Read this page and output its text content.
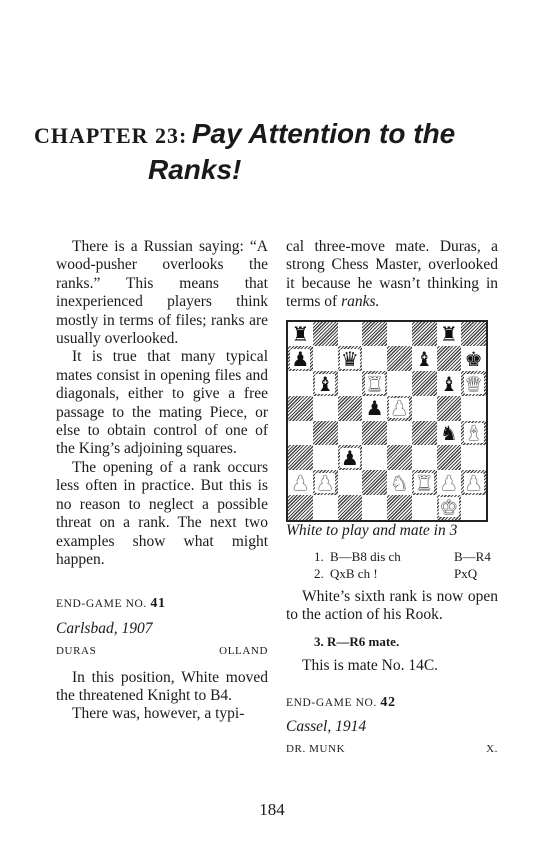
CHAPTER 23: Pay Attention to the
Ranks!

There is a Russian saying: “A wood-pusher overlooks the ranks.” This means that inexperienced players think mostly in terms of files; ranks are usually overlooked.

It is true that many typical mates consist in opening files and diagonals, either to give a free passage to the mating Piece, or else to obtain control of one of the King’s adjoining squares.

The opening of a rank occurs less often in practice. But this is no reason to neglect a possible threat on a rank. The next two examples show what might happen.

END-GAME NO. 41
Carlsbad, 1907
DURAS	OLLAND

In this position, White moved the threatened Knight to B4.

There was, however, a typi-

cal three-move mate. Duras, a strong Chess Master, overlooked it because he wasn’t thinking in terms of ranks.

♜	♜
♟ ♛	♝ ♚
♝ ♜	♝ ♛
♟ ♟
♞ ♝
♟
♟ ♟	♞ ♜ ♟ ♟
♚

White to play and mate in 3

1. B—B8 dis ch	B—R4
2. QxB ch !	PxQ

White’s sixth rank is now open to the action of his Rook.

3. R—R6 mate.

This is mate No. 14C.

END-GAME NO. 42
Cassel, 1914
DR. MUNK	X.
184
